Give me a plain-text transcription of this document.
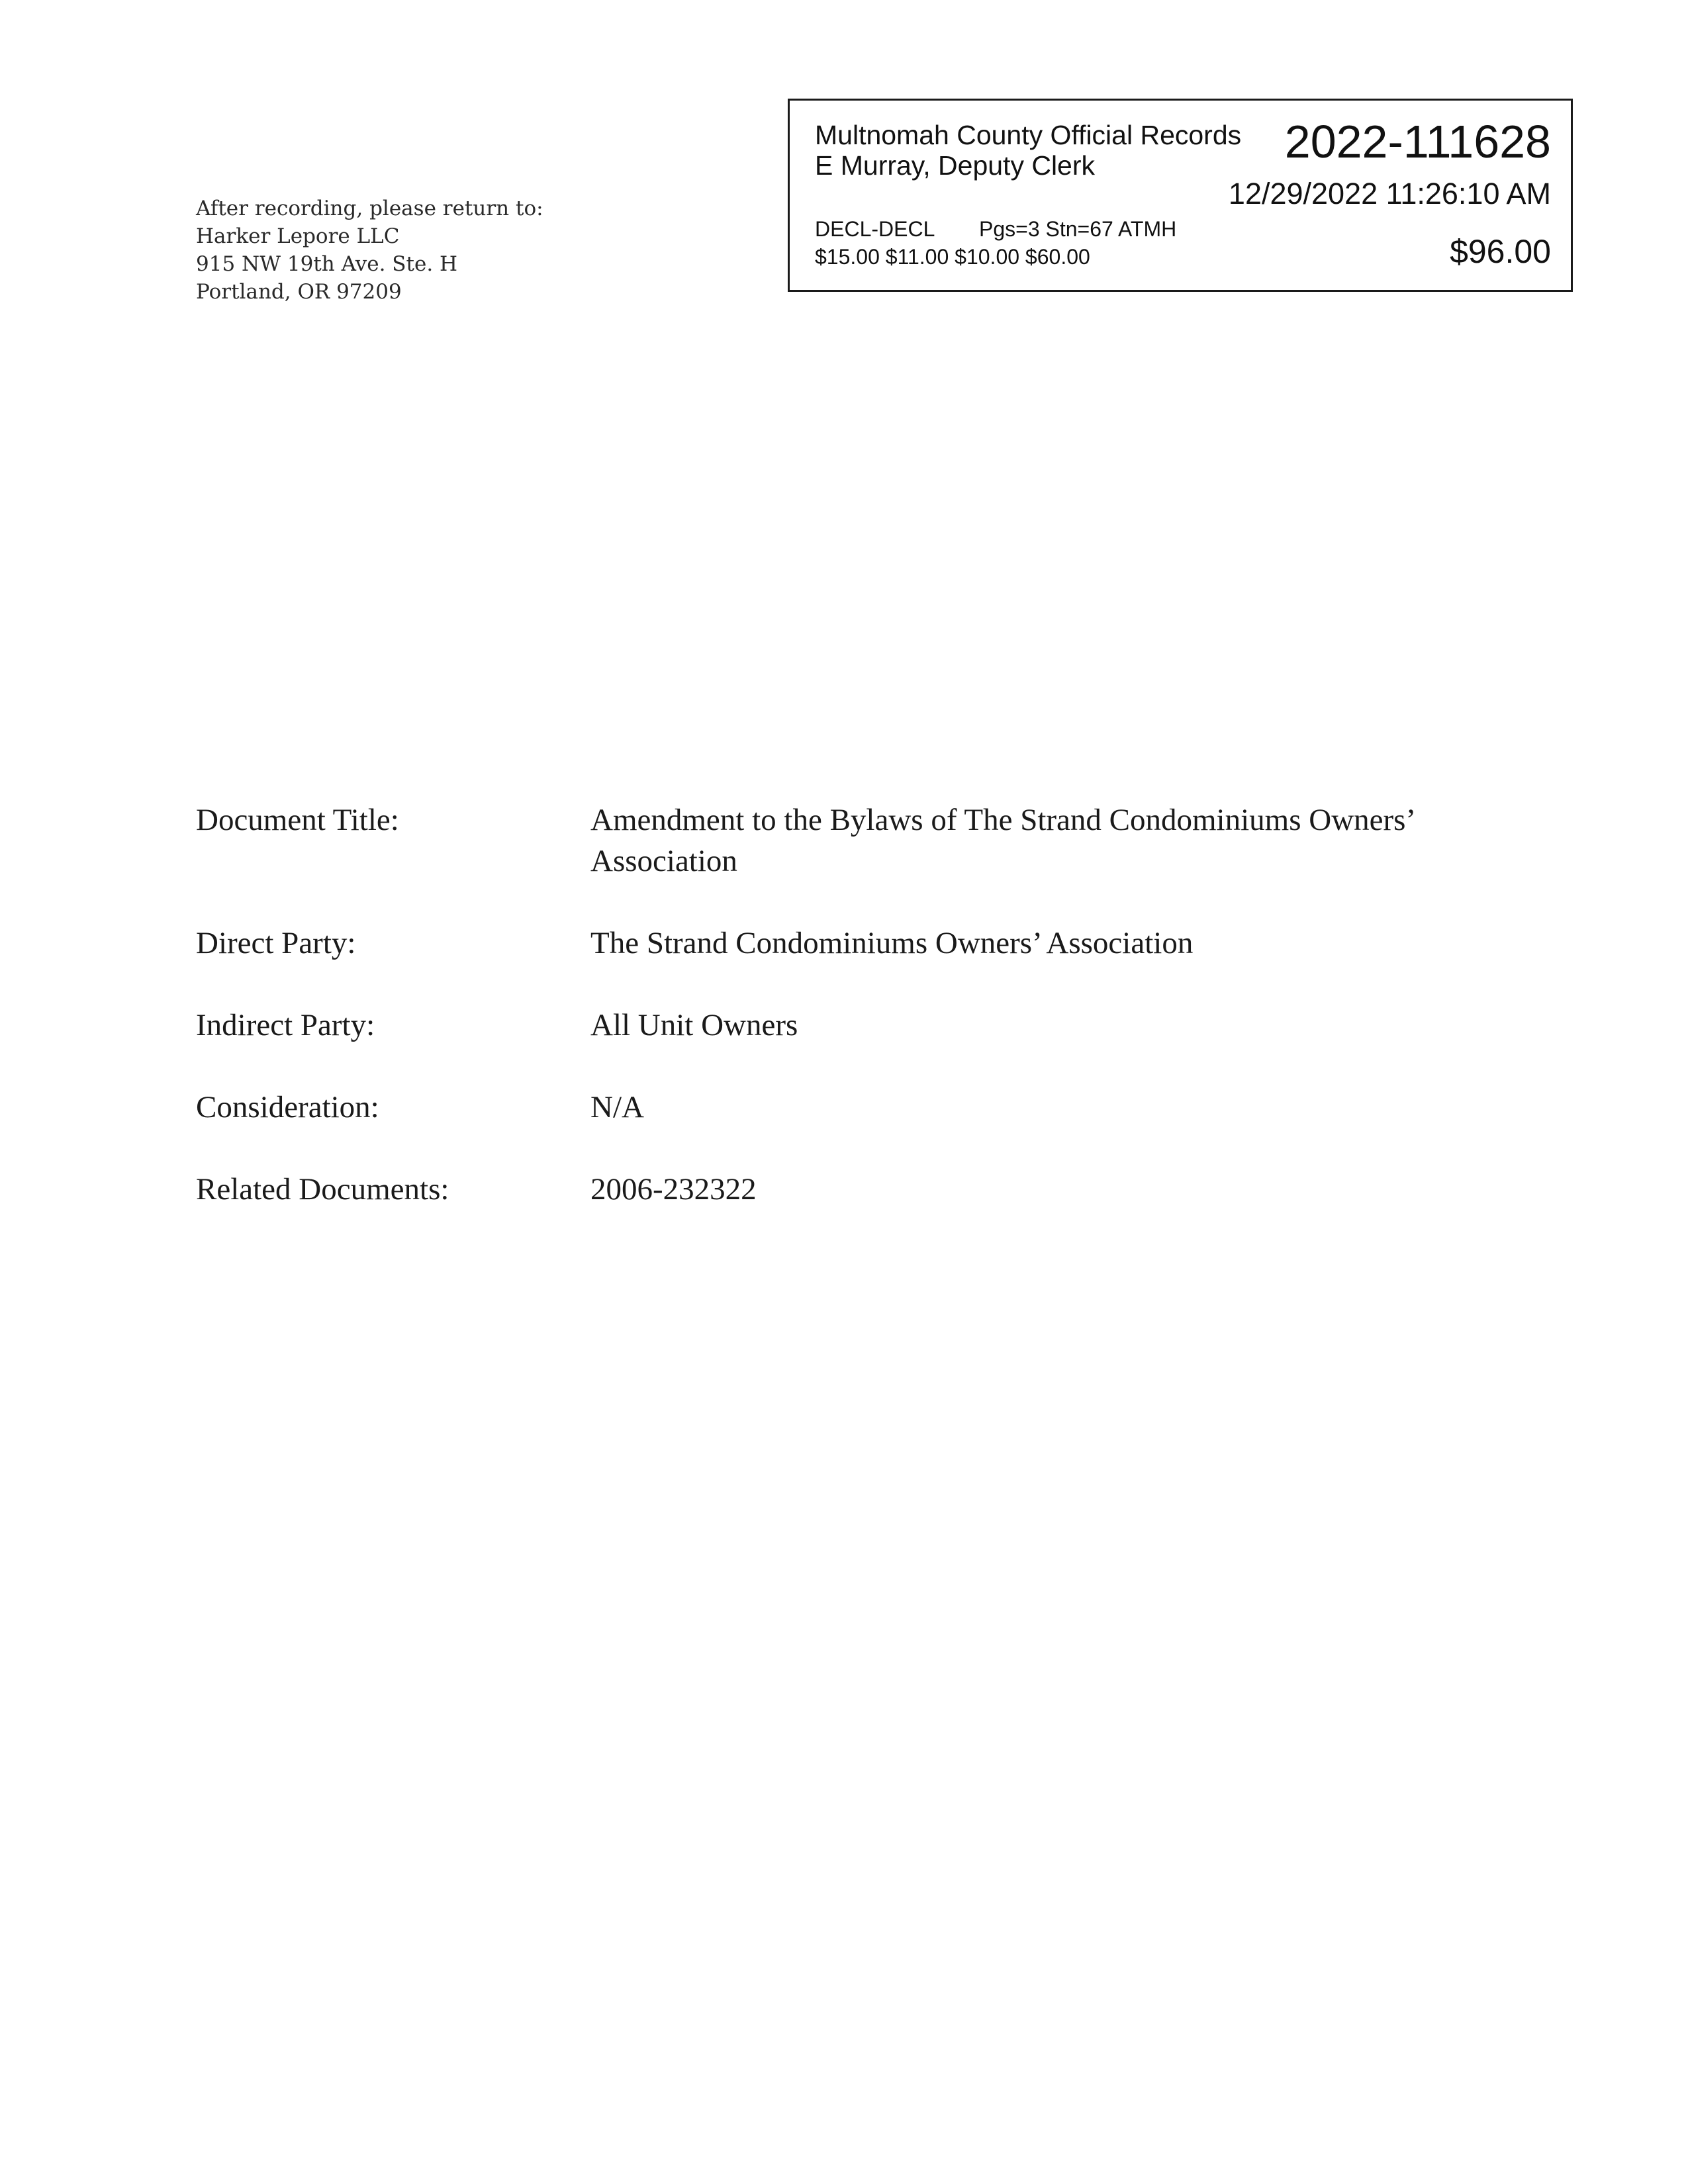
After recording, please return to:
Harker Lepore LLC
915 NW 19th Ave. Ste. H
Portland, OR 97209
Multnomah County Official Records
E Murray, Deputy Clerk	2022-111628
12/29/2022 11:26:10 AM
DECL-DECL Pgs=3 Stn=67 ATMH
$15.00 $11.00 $10.00 $60.00	$96.00
Document Title:	Amendment to the Bylaws of The Strand Condominiums Owners’ Association
Direct Party:	The Strand Condominiums Owners’ Association
Indirect Party:	All Unit Owners
Consideration:	N/A
Related Documents:	2006-232322
